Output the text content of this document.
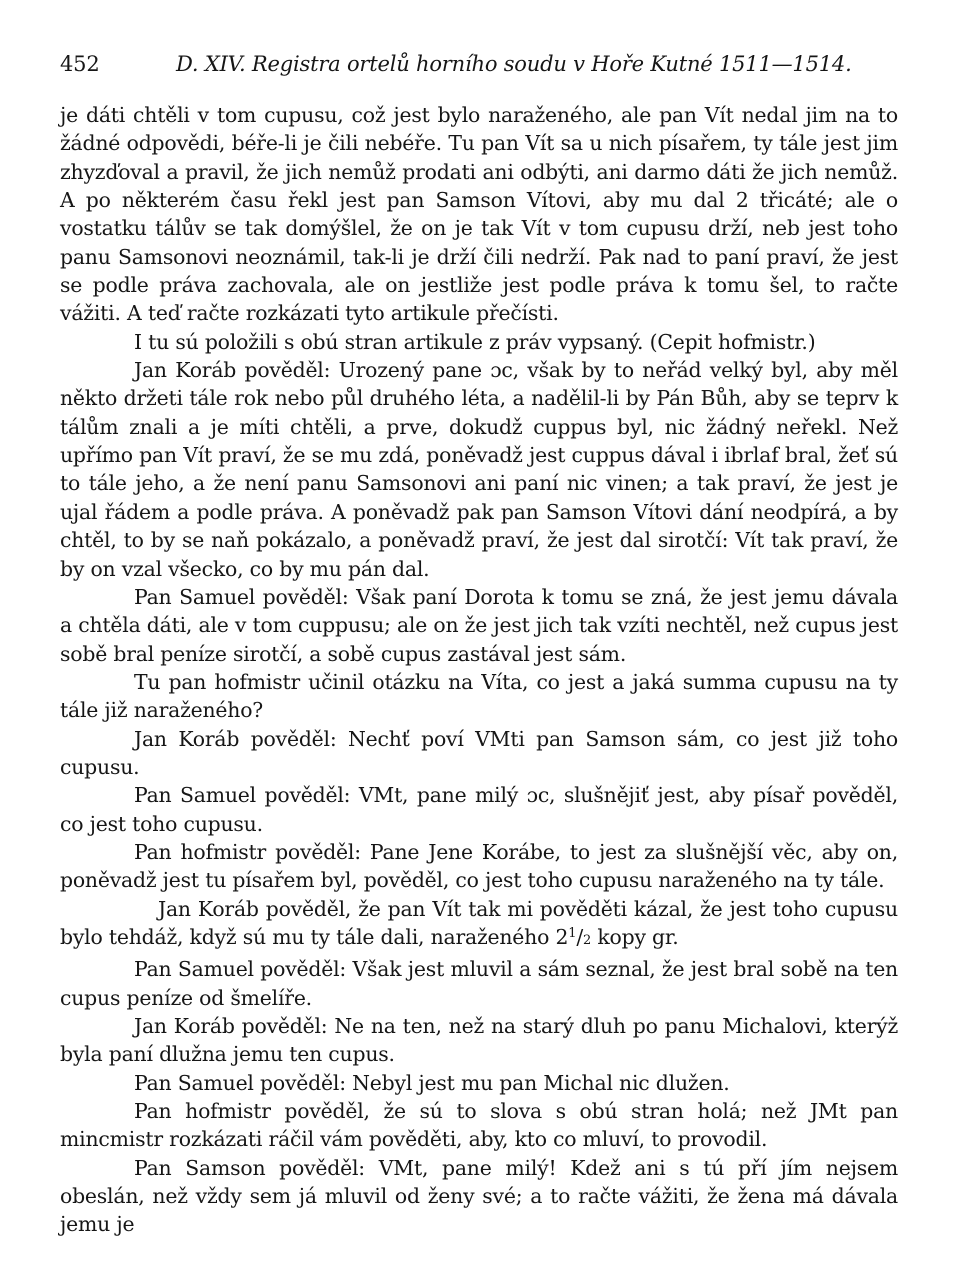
452	D. XIV. Registra ortelů horního soudu v Hoře Kutné 1511—1514.

je dáti chtěli v tom cupusu, což jest bylo naraženého, ale pan Vít nedal jim na to žádné odpovědi, béře-li je čili nebéře. Tu pan Vít sa u nich písařem, ty tále jest jim zhyzďoval a pravil, že jich nemůž prodati ani odbýti, ani darmo dáti že jich nemůž. A po některém času řekl jest pan Samson Vítovi, aby mu dal 2 třicáté; ale o vostatku tálův se tak domýšlel, že on je tak Vít v tom cupusu drží, neb jest toho panu Samsonovi neoznámil, tak-li je drží čili nedrží. Pak nad to paní praví, že jest se podle práva zachovala, ale on jestliže jest podle práva k tomu šel, to račte vážiti. A teď račte rozkázati tyto artikule přečísti.

I tu sú položili s obú stran artikule z práv vypsaný. (Cepit hofmistr.)

Jan Koráb pověděl: Urozený pane ɔc, však by to neřád velký byl, aby měl někto držeti tále rok nebo půl druhého léta, a nadělil-li by Pán Bůh, aby se teprv k tálům znali a je míti chtěli, a prve, dokudž cuppus byl, nic žádný neřekl. Než upřímo pan Vít praví, že se mu zdá, poněvadž jest cuppus dával i ibrlaf bral, žeť sú to tále jeho, a že není panu Samsonovi ani paní nic vinen; a tak praví, že jest je ujal řádem a podle práva. A poněvadž pak pan Samson Vítovi dání neodpírá, a by chtěl, to by se naň pokázalo, a poněvadž praví, že jest dal sirotčí: Vít tak praví, že by on vzal všecko, co by mu pán dal.

Pan Samuel pověděl: Však paní Dorota k tomu se zná, že jest jemu dávala a chtěla dáti, ale v tom cuppusu; ale on že jest jich tak vzíti nechtěl, než cupus jest sobě bral peníze sirotčí, a sobě cupus zastával jest sám.

Tu pan hofmistr učinil otázku na Víta, co jest a jaká summa cupusu na ty tále již naraženého?

Jan Koráb pověděl: Nechť poví VMti pan Samson sám, co jest již toho cupusu.

Pan Samuel pověděl: VMt, pane milý ɔc, slušnějiť jest, aby písař pověděl, co jest toho cupusu.

Pan hofmistr pověděl: Pane Jene Korábe, to jest za slušnější věc, aby on, poněvadž jest tu písařem byl, pověděl, co jest toho cupusu naraženého na ty tále.

Jan Koráb pověděl, že pan Vít tak mi pověděti kázal, že jest toho cupusu bylo tehdáž, když sú mu ty tále dali, naraženého $2^1/2$ kopy gr.

Pan Samuel pověděl: Však jest mluvil a sám seznal, že jest bral sobě na ten cupus peníze od šmelíře.

Jan Koráb pověděl: Ne na ten, než na starý dluh po panu Michalovi, kterýž byla paní dlužna jemu ten cupus.

Pan Samuel pověděl: Nebyl jest mu pan Michal nic dlužen.

Pan hofmistr pověděl, že sú to slova s obú stran holá; než JMt pan mincmistr rozkázati ráčil vám pověděti, aby, kto co mluví, to provodil.

Pan Samson pověděl: VMt, pane milý! Kdež ani s tú pří jím nejsem obeslán, než vždy sem já mluvil od ženy své; a to račte vážiti, že žena má dávala jemu je
